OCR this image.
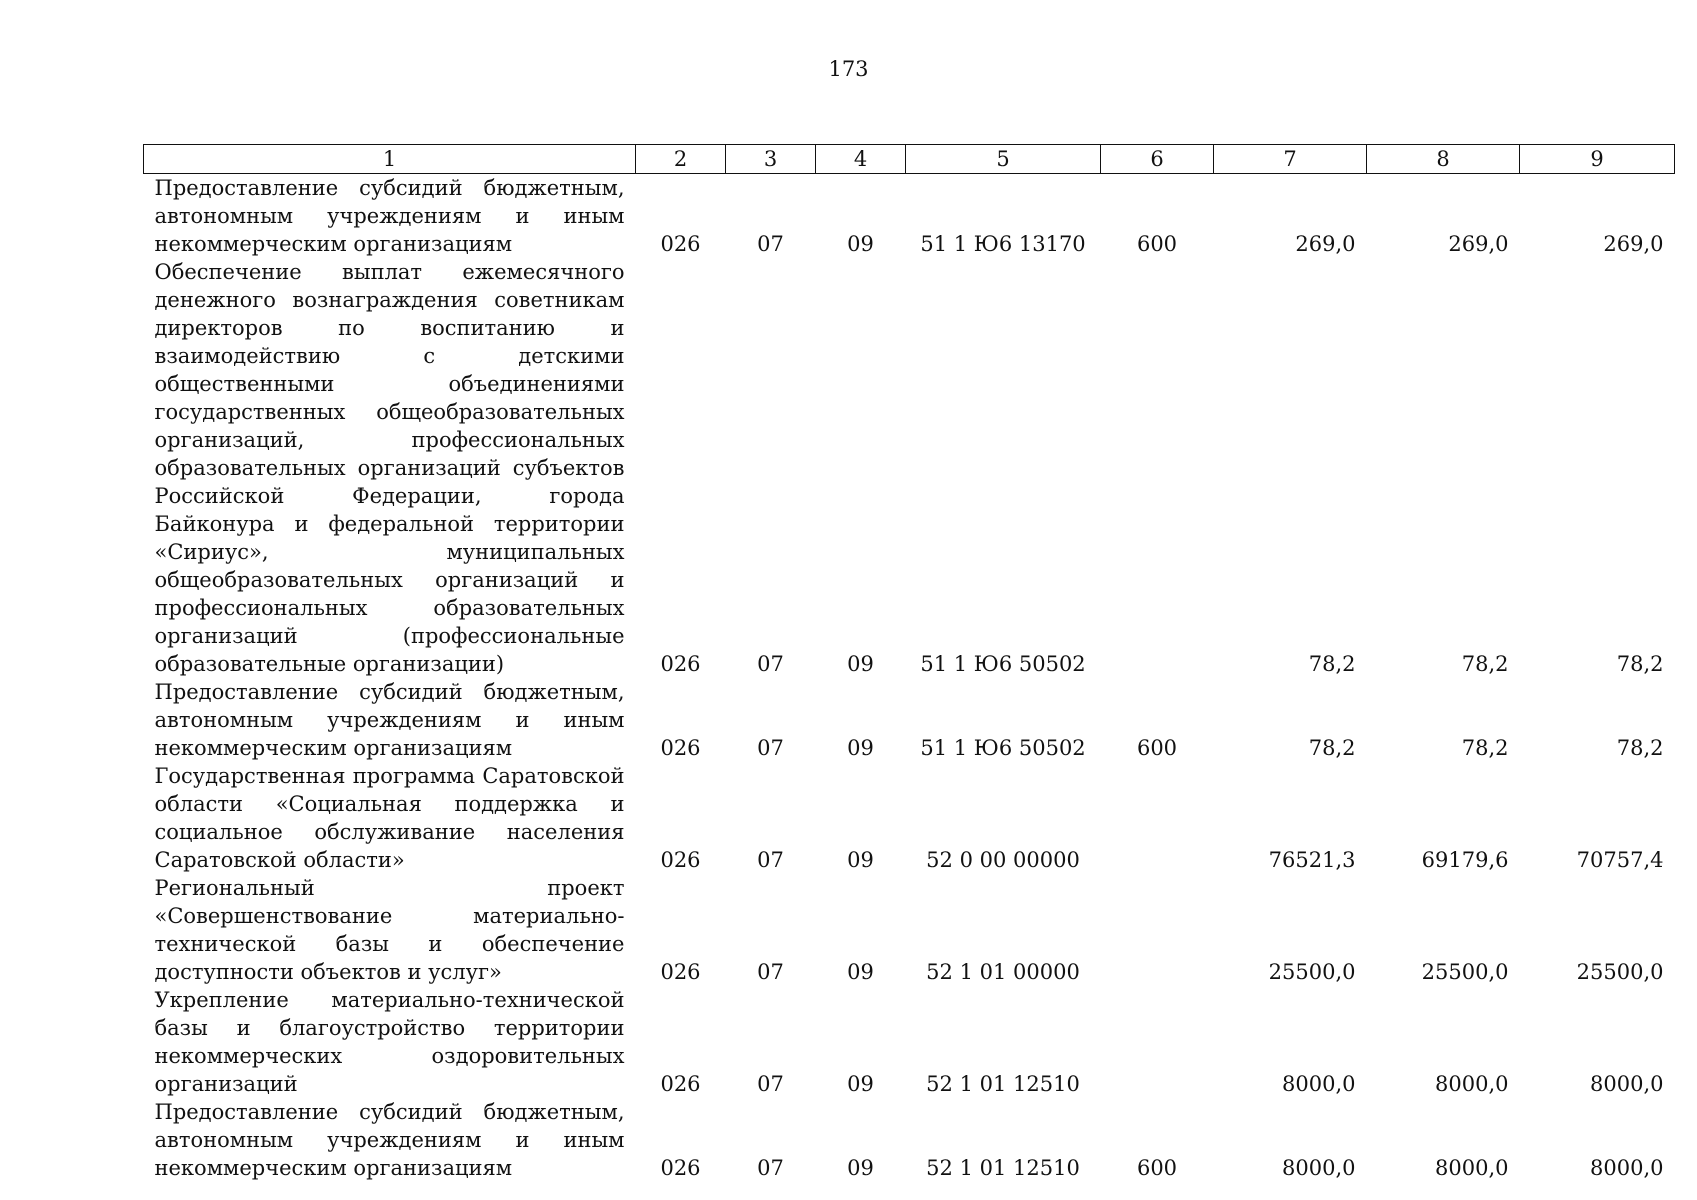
173
1	2	3	4	5	6	7	8	9
Предоставление субсидий бюджетным, автономным учреждениям и иным некоммерческим организациям	026	07	09	51 1 Ю6 13170	600	269,0	269,0	269,0
Обеспечение выплат ежемесячного денежного вознаграждения советникам директоров по воспитанию и взаимодействию с детскими общественными объединениями государственных общеобразовательных организаций, профессиональных образовательных организаций субъектов Российской Федерации, города Байконура и федеральной территории «Сириус», муниципальных общеобразовательных организаций и профессиональных образовательных организаций (профессиональные образовательные организации)	026	07	09	51 1 Ю6 50502		78,2	78,2	78,2
Предоставление субсидий бюджетным, автономным учреждениям и иным некоммерческим организациям	026	07	09	51 1 Ю6 50502	600	78,2	78,2	78,2
Государственная программа Саратовской области «Социальная поддержка и социальное обслуживание населения Саратовской области»	026	07	09	52 0 00 00000		76521,3	69179,6	70757,4
Региональный проект «Совершенствование материально-технической базы и обеспечение доступности объектов и услуг»	026	07	09	52 1 01 00000		25500,0	25500,0	25500,0
Укрепление материально-технической базы и благоустройство территории некоммерческих оздоровительных организаций	026	07	09	52 1 01 12510		8000,0	8000,0	8000,0
Предоставление субсидий бюджетным, автономным учреждениям и иным некоммерческим организациям	026	07	09	52 1 01 12510	600	8000,0	8000,0	8000,0
